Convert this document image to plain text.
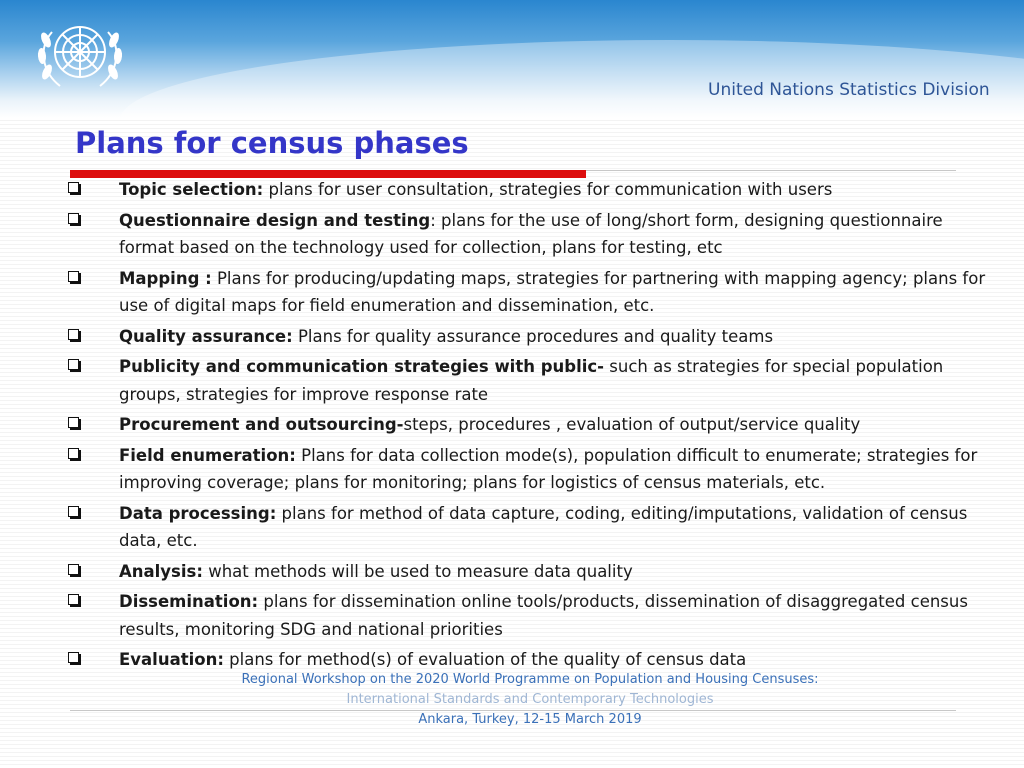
United Nations Statistics Division
Plans for census phases
Topic selection: plans for user consultation, strategies for communication with users
Questionnaire design and testing: plans for the use of long/short form, designing questionnaire format based on the technology used for collection, plans for testing, etc
Mapping : Plans for producing/updating maps, strategies for partnering with mapping agency; plans for use of digital maps for field enumeration and dissemination, etc.
Quality assurance: Plans for quality assurance procedures and quality teams
Publicity and communication strategies with public- such as strategies for special population groups, strategies for improve response rate
Procurement and outsourcing-steps, procedures , evaluation of output/service quality
Field enumeration: Plans for data collection mode(s), population difficult to enumerate; strategies for improving coverage; plans for monitoring; plans for logistics of census materials, etc.
Data processing: plans for method of data capture, coding, editing/imputations, validation of census data, etc.
Analysis: what methods will be used to measure data quality
Dissemination: plans for dissemination online tools/products, dissemination of disaggregated census results, monitoring SDG and national priorities
Evaluation: plans for method(s) of evaluation of the quality of census data
Regional Workshop on the 2020 World Programme on Population and Housing Censuses:
International Standards and Contemporary Technologies
Ankara, Turkey, 12-15 March 2019
